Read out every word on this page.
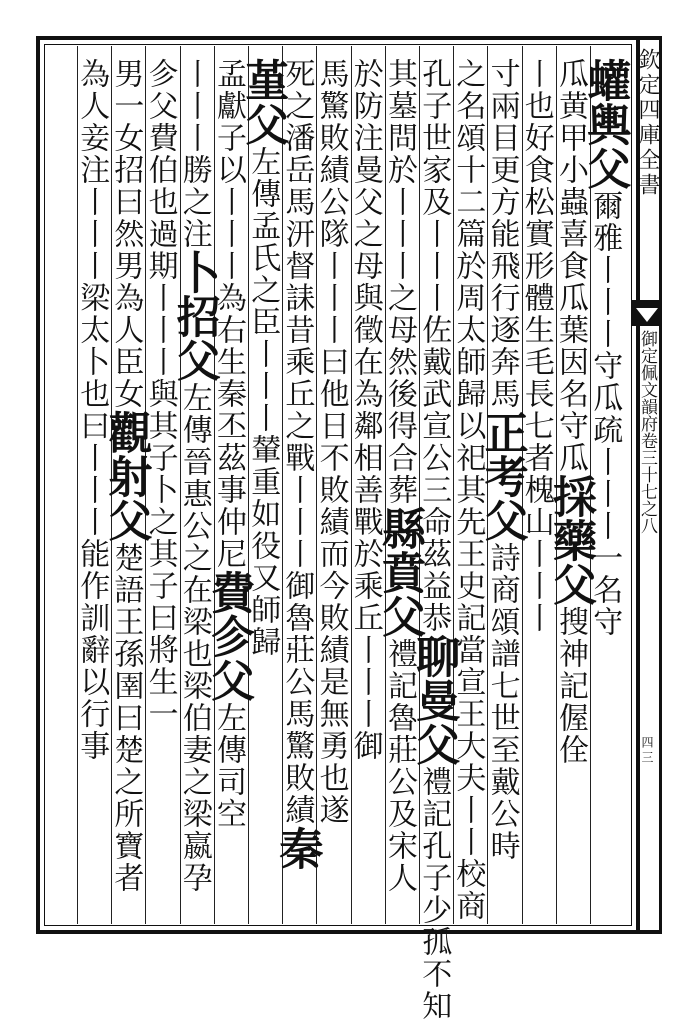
欽定四庫全書
御定佩文韻府卷三十七之八
四三
蠸輿父爾雅丨丨丨守瓜疏丨丨丨一名守
瓜黄甲小蟲喜食瓜葉因名守瓜採藥父搜神記偓佺
丨也好食松實形體生毛長七者槐山丨丨丨
寸兩目更方能飛行逐奔馬正考父詩商頌譜七世至戴公時
之名頌十二篇於周太師歸以祀其先王史記當宣王大夫丨丨校商
孔子世家及丨丨丨佐戴武宣公三命茲益恭聊曼父禮記孔子少孤不知
其墓問於丨丨丨之母然後得合葬縣賁父禮記魯莊公及宋人
於防注曼父之母與徵在為鄰相善戰於乘丘丨丨丨御
馬驚敗績公隊丨丨丨曰他日不敗績而今敗績是無勇也遂
死之潘岳馬汧督誄昔乘丘之戰丨丨丨御魯莊公馬驚敗績秦
堇父左傳孟氏之臣丨丨丨輦重如役又師歸
孟獻子以丨丨丨為右生秦丕茲事仲尼費㐱父左傳司空
丨丨丨勝之注卜招父左傳晉惠公之在梁也梁伯妻之梁嬴孕
㐱父費伯也過期丨丨丨與其子卜之其子曰將生一
男一女招曰然男為人臣女觀射父楚語王孫圉曰楚之所寶者
為人妾注丨丨丨梁太卜也曰丨丨丨能作訓辭以行事
